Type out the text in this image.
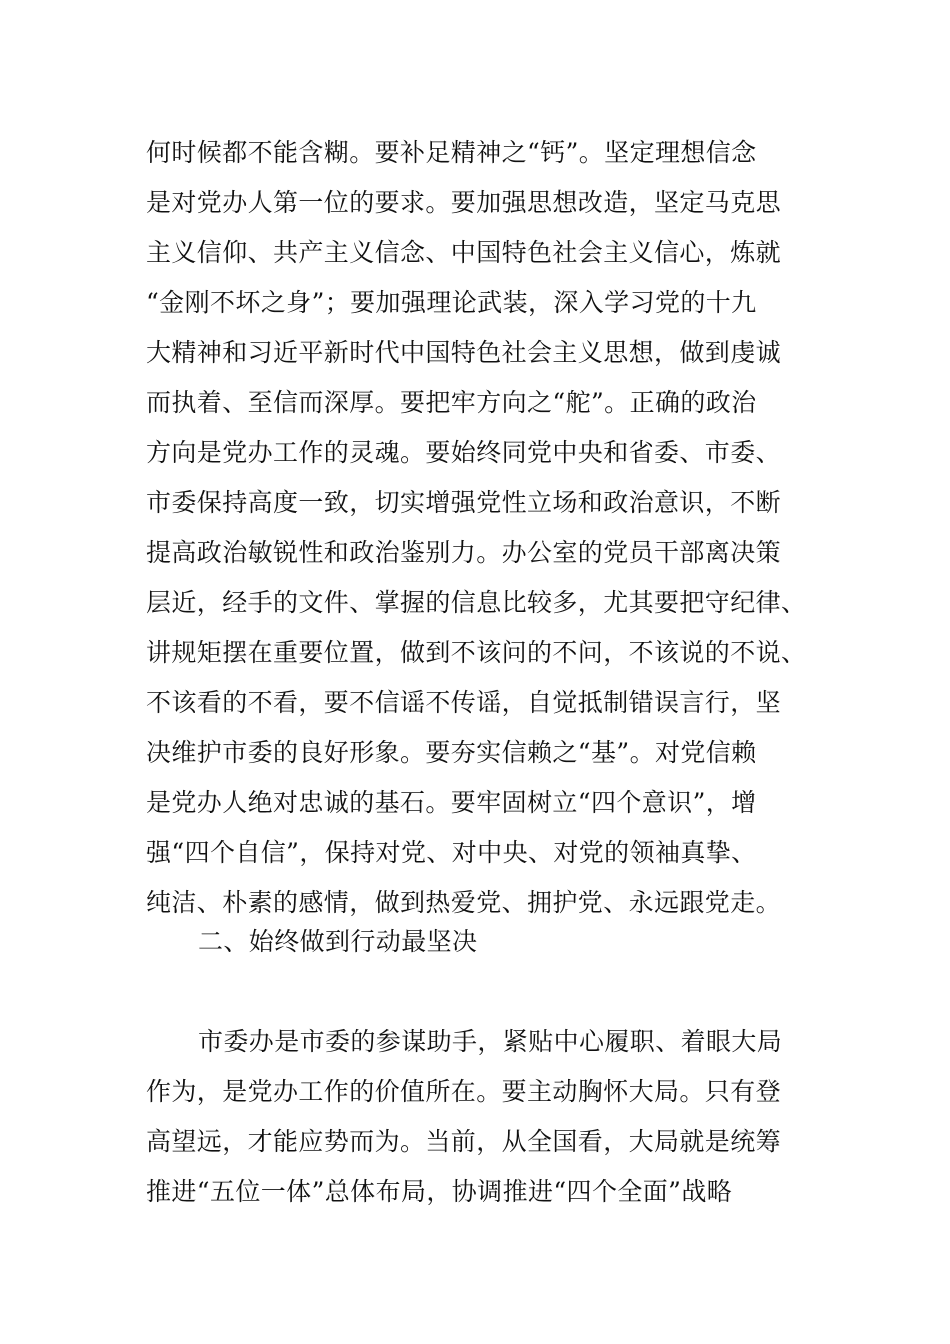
何时候都不能含糊。要补足精神之“钙”。坚定理想信念
是对党办人第一位的要求。要加强思想改造，坚定马克思
主义信仰、共产主义信念、中国特色社会主义信心，炼就
“金刚不坏之身”；要加强理论武装，深入学习党的十九
大精神和习近平新时代中国特色社会主义思想，做到虔诚
而执着、至信而深厚。要把牢方向之“舵”。正确的政治
方向是党办工作的灵魂。要始终同党中央和省委、市委、
市委保持高度一致，切实增强党性立场和政治意识，不断
提高政治敏锐性和政治鉴别力。办公室的党员干部离决策
层近，经手的文件、掌握的信息比较多，尤其要把守纪律、
讲规矩摆在重要位置，做到不该问的不问，不该说的不说、
不该看的不看，要不信谣不传谣，自觉抵制错误言行，坚
决维护市委的良好形象。要夯实信赖之“基”。对党信赖
是党办人绝对忠诚的基石。要牢固树立“四个意识”，增
强“四个自信”，保持对党、对中央、对党的领袖真挚、
纯洁、朴素的感情，做到热爱党、拥护党、永远跟党走。
二、始终做到行动最坚决
市委办是市委的参谋助手，紧贴中心履职、着眼大局
作为，是党办工作的价值所在。要主动胸怀大局。只有登
高望远，才能应势而为。当前，从全国看，大局就是统筹
推进“五位一体”总体布局，协调推进“四个全面”战略
